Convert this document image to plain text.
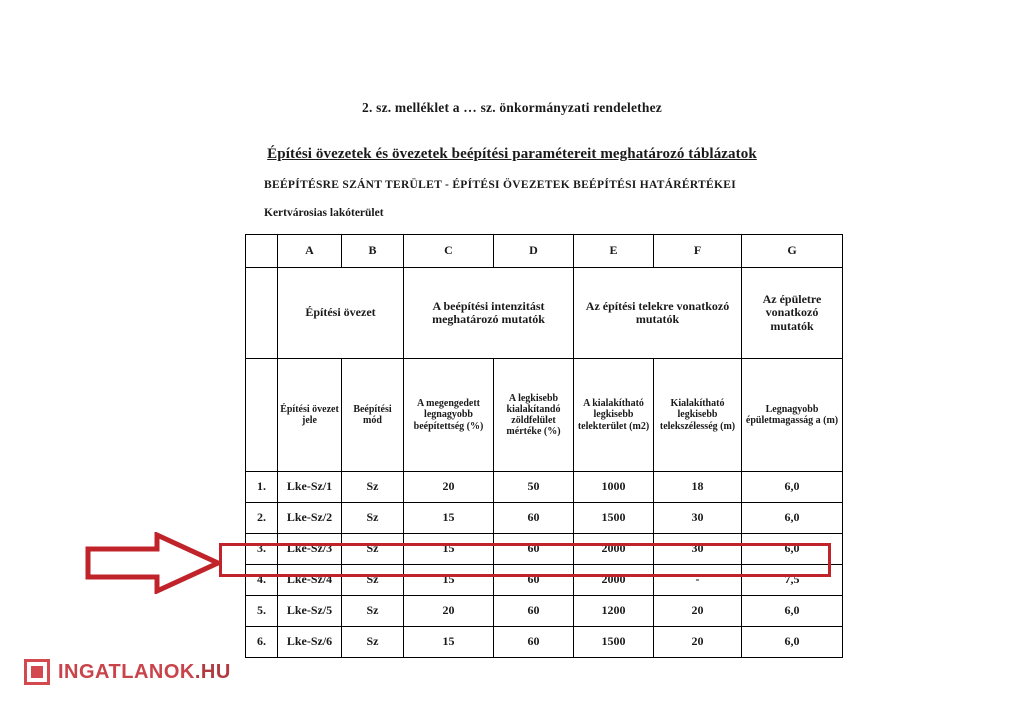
2. sz. melléklet a … sz. önkormányzati rendelethez
Építési övezetek és övezetek beépítési paramétereit meghatározó táblázatok
BEÉPÍTÉSRE SZÁNT TERÜLET - ÉPÍTÉSI ÖVEZETEK BEÉPÍTÉSI HATÁRÉRTÉKEI
Kertvárosias lakóterület
	A	B	C	D	E	F	G
	Építési övezet		A beépítési intenzitást meghatározó mutatók		Az építési telekre vonatkozó mutatók		Az épületre vonatkozó mutatók
	Építési övezet jele	Beépítési mód	A megengedett legnagyobb beépítettség (%)	A legkisebb kialakítandó zöldfelület mértéke (%)	A kialakítható legkisebb telekterület (m2)	Kialakítható legkisebb telekszélesség (m)	Legnagyobb épületmagasság a (m)
1.	Lke-Sz/1	Sz	20	50	1000	18	6,0
2.	Lke-Sz/2	Sz	15	60	1500	30	6,0
3.	Lke-Sz/3	Sz	15	60	2000	30	6,0
4.	Lke-Sz/4	Sz	15	60	2000	-	7,5
5.	Lke-Sz/5	Sz	20	60	1200	20	6,0
6.	Lke-Sz/6	Sz	15	60	1500	20	6,0
INGATLANOK.HU
